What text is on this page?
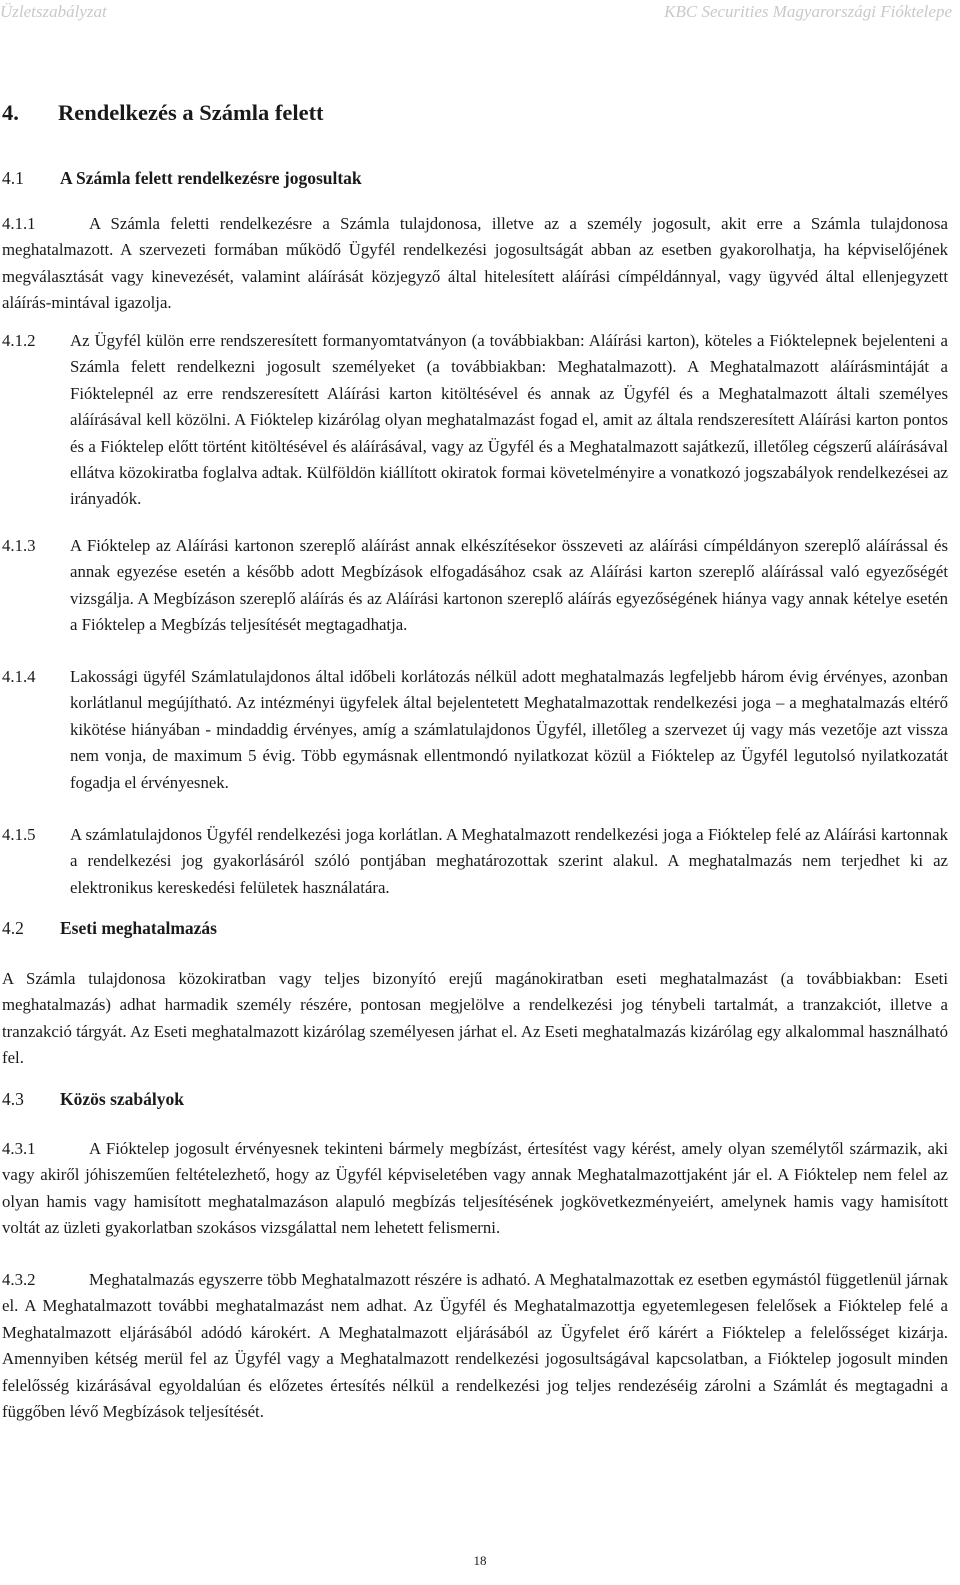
Üzletszabályzat	KBC Securities Magyarországi Fióktelepe
4. Rendelkezés a Számla felett
4.1 A Számla felett rendelkezésre jogosultak
4.1.1	A Számla feletti rendelkezésre a Számla tulajdonosa, illetve az a személy jogosult, akit erre a Számla tulajdonosa meghatalmazott. A szervezeti formában működő Ügyfél rendelkezési jogosultságát abban az esetben gyakorolhatja, ha képviselőjének megválasztását vagy kinevezését, valamint aláírását közjegyző által hitelesített aláírási címpéldánnyal, vagy ügyvéd által ellenjegyzett aláírás-mintával igazolja.
4.1.2 Az Ügyfél külön erre rendszeresített formanyomtatványon (a továbbiakban: Aláírási karton), köteles a Fióktelepnek bejelenteni a Számla felett rendelkezni jogosult személyeket (a továbbiakban: Meghatalmazott). A Meghatalmazott aláírásmintáját a Fióktelepnél az erre rendszeresített Aláírási karton kitöltésével és annak az Ügyfél és a Meghatalmazott általi személyes aláírásával kell közölni. A Fióktelep kizárólag olyan meghatalmazást fogad el, amit az általa rendszeresített Aláírási karton pontos és a Fióktelep előtt történt kitöltésével és aláírásával, vagy az Ügyfél és a Meghatalmazott sajátkezű, illetőleg cégszerű aláírásával ellátva közokiratba foglalva adtak. Külföldön kiállított okiratok formai követelményire a vonatkozó jogszabályok rendelkezései az irányadók.
4.1.3 A Fióktelep az Aláírási kartonon szereplő aláírást annak elkészítésekor összeveti az aláírási címpéldányon szereplő aláírással és annak egyezése esetén a később adott Megbízások elfogadásához csak az Aláírási karton szereplő aláírással való egyezőségét vizsgálja. A Megbízáson szereplő aláírás és az Aláírási kartonon szereplő aláírás egyezőségének hiánya vagy annak kételye esetén a Fióktelep a Megbízás teljesítését megtagadhatja.
4.1.4 Lakossági ügyfél Számlatulajdonos által időbeli korlátozás nélkül adott meghatalmazás legfeljebb három évig érvényes, azonban korlátlanul megújítható. Az intézményi ügyfelek által bejelentetett Meghatalmazottak rendelkezési joga – a meghatalmazás eltérő kikötése hiányában - mindaddig érvényes, amíg a számlatulajdonos Ügyfél, illetőleg a szervezet új vagy más vezetője azt vissza nem vonja, de maximum 5 évig. Több egymásnak ellentmondó nyilatkozat közül a Fióktelep az Ügyfél legutolsó nyilatkozatát fogadja el érvényesnek.
4.1.5 A számlatulajdonos Ügyfél rendelkezési joga korlátlan. A Meghatalmazott rendelkezési joga a Fióktelep felé az Aláírási kartonnak a rendelkezési jog gyakorlásáról szóló pontjában meghatározottak szerint alakul. A meghatalmazás nem terjedhet ki az elektronikus kereskedési felületek használatára.
4.2 Eseti meghatalmazás
A Számla tulajdonosa közokiratban vagy teljes bizonyító erejű magánokiratban eseti meghatalmazást (a továbbiakban: Eseti meghatalmazás) adhat harmadik személy részére, pontosan megjelölve a rendelkezési jog ténybeli tartalmát, a tranzakciót, illetve a tranzakció tárgyát. Az Eseti meghatalmazott kizárólag személyesen járhat el. Az Eseti meghatalmazás kizárólag egy alkalommal használható fel.
4.3 Közös szabályok
4.3.1	A Fióktelep jogosult érvényesnek tekinteni bármely megbízást, értesítést vagy kérést, amely olyan személytől származik, aki vagy akiről jóhiszeműen feltételezhető, hogy az Ügyfél képviseletében vagy annak Meghatalmazottjaként jár el. A Fióktelep nem felel az olyan hamis vagy hamisított meghatalmazáson alapuló megbízás teljesítésének jogkövetkezményeiért, amelynek hamis vagy hamisított voltát az üzleti gyakorlatban szokásos vizsgálattal nem lehetett felismerni.
4.3.2	Meghatalmazás egyszerre több Meghatalmazott részére is adható. A Meghatalmazottak ez esetben egymástól függetlenül járnak el. A Meghatalmazott további meghatalmazást nem adhat. Az Ügyfél és Meghatalmazottja egyetemlegesen felelősek a Fióktelep felé a Meghatalmazott eljárásából adódó károkért. A Meghatalmazott eljárásából az Ügyfelet érő kárért a Fióktelep a felelősséget kizárja. Amennyiben kétség merül fel az Ügyfél vagy a Meghatalmazott rendelkezési jogosultságával kapcsolatban, a Fióktelep jogosult minden felelősség kizárásával egyoldalúan és előzetes értesítés nélkül a rendelkezési jog teljes rendezéséig zárolni a Számlát és megtagadni a függőben lévő Megbízások teljesítését.
18
